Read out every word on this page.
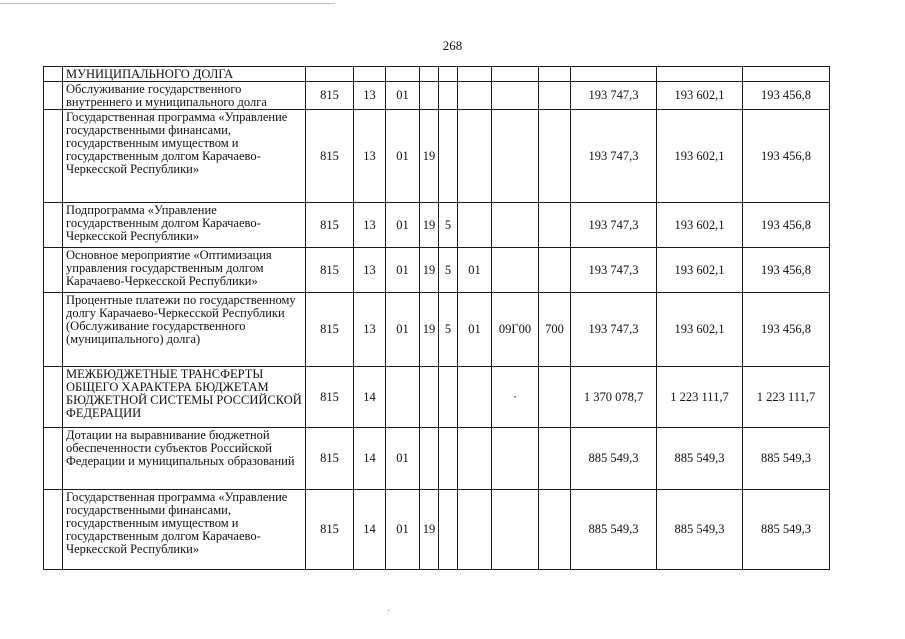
268
	МУНИЦИПАЛЬНОГО ДОЛГА											
	Обслуживание государственного внутреннего и муниципального долга	815	13	01						193 747,3	193 602,1	193 456,8
	Государственная программа «Управление государственными финансами, государственным имуществом и государственным долгом Карачаево-Черкесской Республики»	815	13	01	19					193 747,3	193 602,1	193 456,8
	Подпрограмма «Управление государственным долгом Карачаево-Черкесской Республики»	815	13	01	19	5				193 747,3	193 602,1	193 456,8
	Основное мероприятие «Оптимизация управления государственным долгом Карачаево-Черкесской Республики»	815	13	01	19	5	01			193 747,3	193 602,1	193 456,8
	Процентные платежи по государственному долгу Карачаево-Черкесской Республики (Обслуживание государственного (муниципального) долга)	815	13	01	19	5	01	09Г00	700	193 747,3	193 602,1	193 456,8
	МЕЖБЮДЖЕТНЫЕ ТРАНСФЕРТЫ ОБЩЕГО ХАРАКТЕРА БЮДЖЕТАМ БЮДЖЕТНОЙ СИСТЕМЫ РОССИЙСКОЙ ФЕДЕРАЦИИ	815	14					·		1 370 078,7	1 223 111,7	1 223 111,7
	Дотации на выравнивание бюджетной обеспеченности субъектов Российской Федерации и муниципальных образований	815	14	01						885 549,3	885 549,3	885 549,3
	Государственная программа «Управление государственными финансами, государственным имуществом и государственным долгом Карачаево-Черкесской Республики»	815	14	01	19					885 549,3	885 549,3	885 549,3
·
